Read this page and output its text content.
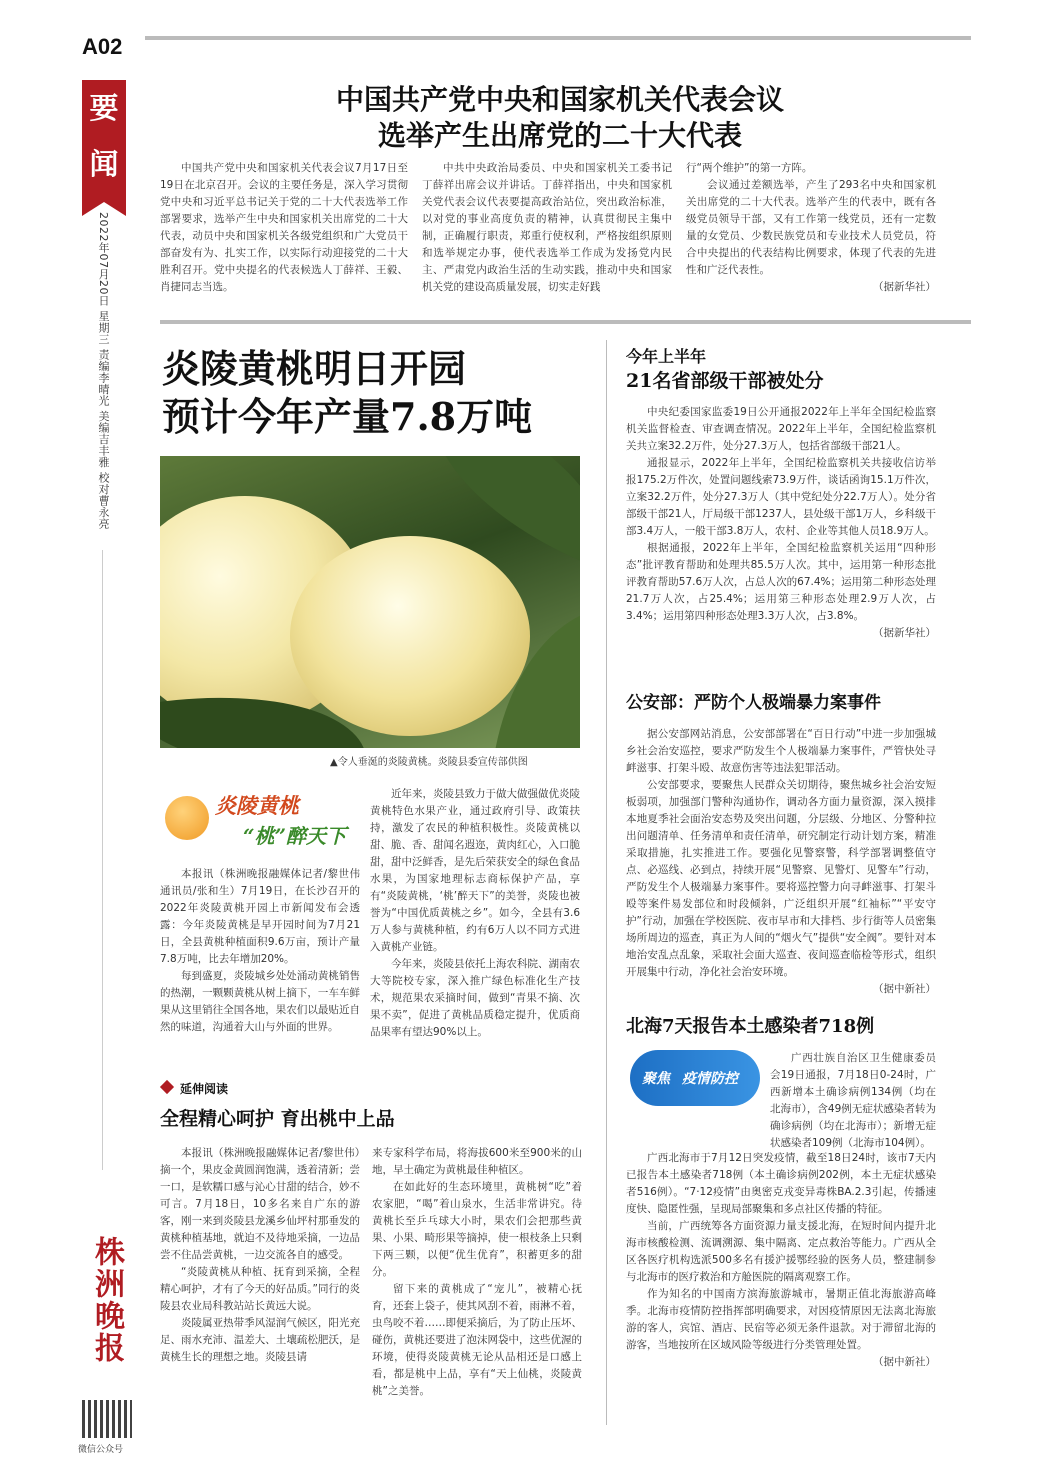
A02
要闻
2022年07月20日 星期三 责编李晴光 美编吉丰雅 校对曹永亮
株洲晚报
微信公众号
中国共产党中央和国家机关代表会议
选举产生出席党的二十大代表

中国共产党中央和国家机关代表会议7月17日至19日在北京召开。会议的主要任务是，深入学习贯彻党中央和习近平总书记关于党的二十大代表选举工作部署要求，选举产生中央和国家机关出席党的二十大代表，动员中央和国家机关各级党组织和广大党员干部奋发有为、扎实工作，以实际行动迎接党的二十大胜利召开。党中央提名的代表候选人丁薛祥、王毅、肖捷同志当选。

中共中央政治局委员、中央和国家机关工委书记丁薛祥出席会议并讲话。丁薛祥指出，中央和国家机关党代表会议代表要提高政治站位，突出政治标准，以对党的事业高度负责的精神，认真贯彻民主集中制，正确履行职责，郑重行使权利，严格按组织原则和选举规定办事，使代表选举工作成为发扬党内民主、严肃党内政治生活的生动实践，推动中央和国家机关党的建设高质量发展，切实走好践

行“两个维护”的第一方阵。

会议通过差额选举，产生了293名中央和国家机关出席党的二十大代表。选举产生的代表中，既有各级党员领导干部，又有工作第一线党员，还有一定数量的女党员、少数民族党员和专业技术人员党员，符合中央提出的代表结构比例要求，体现了代表的先进性和广泛代表性。

（据新华社）
炎陵黄桃明日开园
预计今年产量7.8万吨
▲令人垂涎的炎陵黄桃。炎陵县委宣传部供图
炎陵黄桃
“桃”醉天下

本报讯（株洲晚报融媒体记者/黎世伟 通讯员/张和生）7月19日，在长沙召开的2022年炎陵黄桃开园上市新闻发布会透露：今年炎陵黄桃是早开园时间为7月21日，全县黄桃种植面积9.6万亩，预计产量7.8万吨，比去年增加20%。

每到盛夏，炎陵城乡处处涌动黄桃销售的热潮，一颗颗黄桃从树上摘下，一车车鲜果从这里销往全国各地，果农们以最贴近自然的味道，沟通着大山与外面的世界。

近年来，炎陵县致力于做大做强做优炎陵黄桃特色水果产业，通过政府引导、政策扶持，激发了农民的种植积极性。炎陵黄桃以甜、脆、香、甜闻名遐迩，黄肉红心，入口脆甜，甜中泛鲜香，是先后荣获安全的绿色食品水果，为国家地理标志商标保护产品，享有“炎陵黄桃，‘桃’醉天下”的美誉，炎陵也被誉为“中国优质黄桃之乡”。如今，全县有3.6万人参与黄桃种植，约有6万人以不同方式进入黄桃产业链。

今年来，炎陵县依托上海农科院、湖南农大等院校专家，深入推广绿色标准化生产技术，规范果农采摘时间，做到“青果不摘、次果不卖”，促进了黄桃品质稳定提升，优质商品果率有望达90%以上。

延伸阅读
全程精心呵护 育出桃中上品

本报讯（株洲晚报融媒体记者/黎世伟）摘一个，果皮金黄圆润饱满，透着清新；尝一口，是软糯口感与沁心甘甜的结合，妙不可言。7月18日，10多名来自广东的游客，刚一来到炎陵县龙溪乡仙坪村那垂发的黄桃种植基地，就迫不及待地采摘，一边品尝不住品尝黄桃，一边交流各自的感受。

“炎陵黄桃从种植、抚育到采摘，全程精心呵护，才有了今天的好品质。”同行的炎陵县农业局科教站站长黄远大说。

炎陵属亚热带季风湿润气候区，阳光充足、雨水充沛、温差大、土壤疏松肥沃，是黄桃生长的理想之地。炎陵县请

来专家科学布局，将海拔600米至900米的山地，早土确定为黄桃最佳种植区。

在如此好的生态环境里，黄桃树“吃”着农家肥，“喝”着山泉水，生活非常讲究。待黄桃长至乒乓球大小时，果农们会把那些黄果、小果、畸形果等摘掉，使一根枝条上只剩下两三颗，以便“优生优育”，积蓄更多的甜分。

留下来的黄桃成了“宠儿”，被精心抚育，还套上袋子，使其风刮不着，雨淋不着，虫鸟咬不着……即便采摘后，为了防止压坏、碰伤，黄桃还要进了泡沫网袋中，这些优渥的环境，使得炎陵黄桃无论从品相还是口感上看，都是桃中上品，享有“天上仙桃，炎陵黄桃”之美誉。

今年上半年
21名省部级干部被处分

中央纪委国家监委19日公开通报2022年上半年全国纪检监察机关监督检查、审查调查情况。2022年上半年，全国纪检监察机关共立案32.2万件，处分27.3万人，包括省部级干部21人。

通报显示，2022年上半年，全国纪检监察机关共接收信访举报175.2万件次，处置问题线索73.9万件，谈话函询15.1万件次，立案32.2万件，处分27.3万人（其中党纪处分22.7万人）。处分省部级干部21人，厅局级干部1237人，县处级干部1万人，乡科级干部3.4万人，一般干部3.8万人，农村、企业等其他人员18.9万人。

根据通报，2022年上半年，全国纪检监察机关运用“四种形态”批评教育帮助和处理共85.5万人次。其中，运用第一种形态批评教育帮助57.6万人次，占总人次的67.4%；运用第二种形态处理21.7万人次，占25.4%；运用第三种形态处理2.9万人次，占3.4%；运用第四种形态处理3.3万人次，占3.8%。

（据新华社）
公安部：严防个人极端暴力案事件

据公安部网站消息，公安部部署在“百日行动”中进一步加强城乡社会治安巡控，要求严防发生个人极端暴力案事件，严管快处寻衅滋事、打架斗殴、故意伤害等违法犯罪活动。

公安部要求，要聚焦人民群众关切期待，聚焦城乡社会治安短板弱项，加强部门警种沟通协作，调动各方面力量资源，深入摸排本地夏季社会面治安态势及突出问题，分层级、分地区、分警种拉出问题清单、任务清单和责任清单，研究制定行动计划方案，精准采取措施，扎实推进工作。要强化见警察警，科学部署调整值守点、必巡线、必到点，持续开展“见警察、见警灯、见警车”行动，严防发生个人极端暴力案事件。要将巡控警力向寻衅滋事、打架斗殴等案件易发部位和时段倾斜，广泛组织开展“红袖标”“平安守护”行动，加强在学校医院、夜市早市和大排档、步行街等人员密集场所周边的巡查，真正为人间的“烟火气”提供“安全阀”。要针对本地治安乱点乱象，采取社会面大巡查、夜间巡查临检等形式，组织开展集中行动，净化社会治安环境。

（据中新社）
北海7天报告本土感染者718例
聚焦 疫情防控

广西壮族自治区卫生健康委员会19日通报，7月18日0-24时，广西新增本土确诊病例134例（均在北海市），含49例无症状感染者转为确诊病例（均在北海市）；新增无症状感染者109例（北海市104例）。

广西北海市于7月12日突发疫情，截至18日24时，该市7天内已报告本土感染者718例（本土确诊病例202例，本土无症状感染者516例）。“7·12疫情”由奥密克戎变异毒株BA.2.3引起，传播速度快、隐匿性强，呈现局部聚集和多点社区传播的特征。

当前，广西统筹各方面资源力量支援北海，在短时间内提升北海市核酸检测、流调溯源、集中隔离、定点救治等能力。广西从全区各医疗机构选派500多名有援沪援鄂经验的医务人员，整建制参与北海市的医疗救治和方舱医院的隔离观察工作。

作为知名的中国南方滨海旅游城市，暑期正值北海旅游高峰季。北海市疫情防控指挥部明确要求，对因疫情原因无法离北海旅游的客人，宾馆、酒店、民宿等必须无条件退款。对于滞留北海的游客，当地按所在区域风险等级进行分类管理处置。

（据中新社）
